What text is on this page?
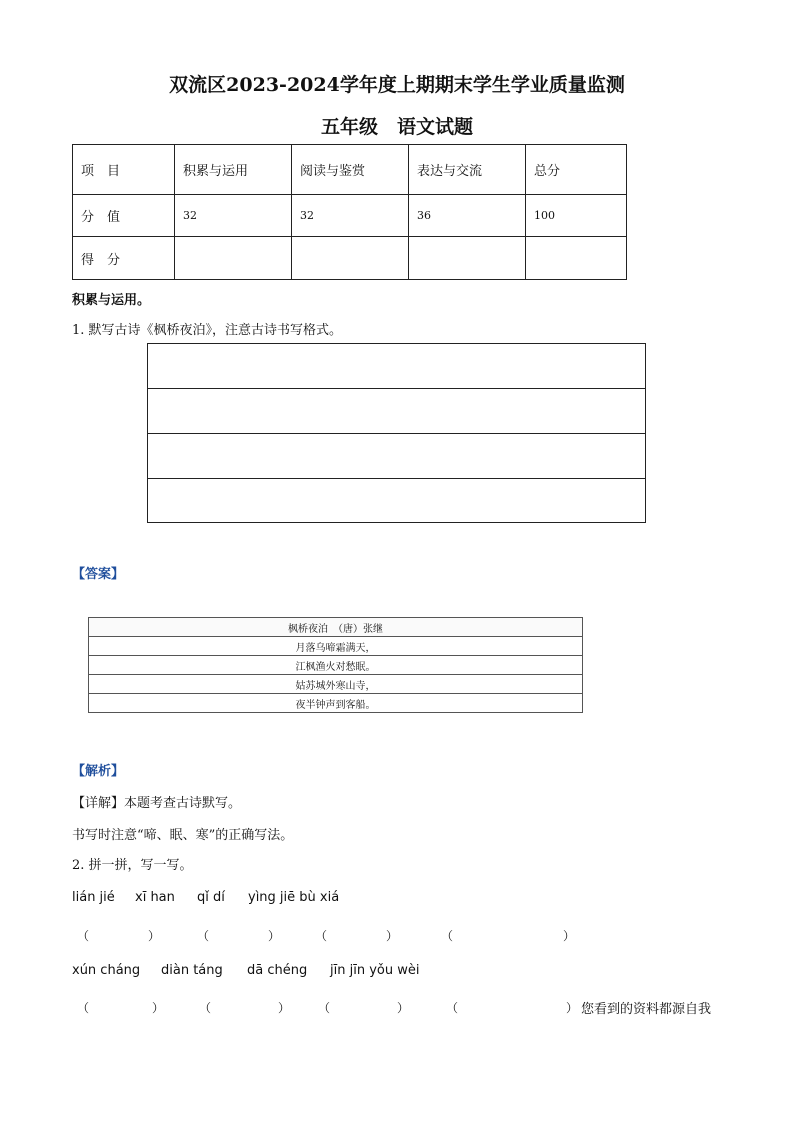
双流区2023-2024学年度上期期末学生学业质量监测
五年级　语文试题
项　目	积累与运用	阅读与鉴赏	表达与交流	总分
分　值	32	32	36	100
得　分				
积累与运用。
1. 默写古诗《枫桥夜泊》，注意古诗书写格式。
【答案】
枫桥夜泊　（唐）张继
月落乌啼霜满天，
江枫渔火对愁眠。
姑苏城外寒山寺，
夜半钟声到客船。
【解析】
【详解】本题考查古诗默写。
书写时注意“啼、眠、寒”的正确写法。
2. 拼一拼，写一写。
lián jié xī han qǐ dí yìng jiē bù xiá
（	）	（	）	（	）	（	）
xún cháng diàn táng dā chéng jīn jīn yǒu wèi
（	）	（	） （	）	（	） 您看到的资料都源自我
